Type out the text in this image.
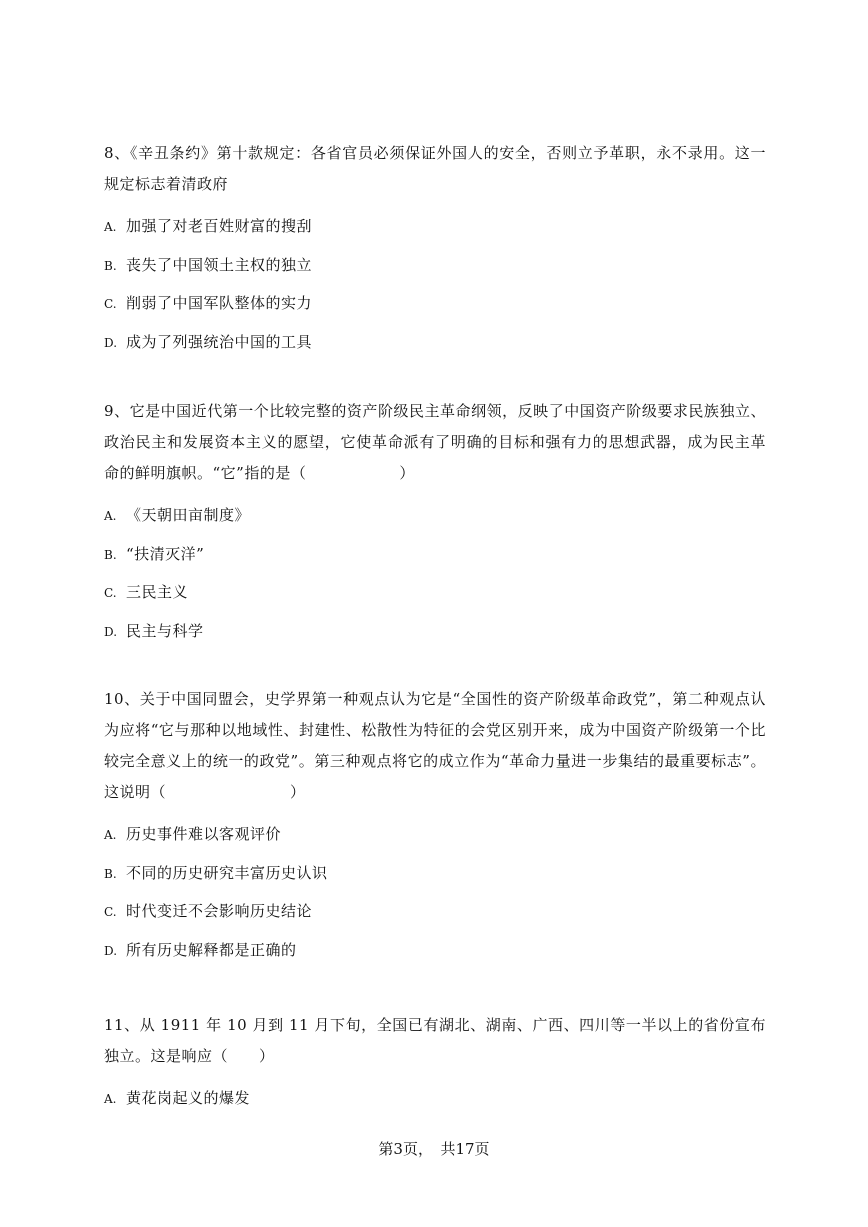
8、《辛丑条约》第十款规定：各省官员必须保证外国人的安全，否则立予革职，永不录用。这一规定标志着清政府

A. 加强了对老百姓财富的搜刮
B. 丧失了中国领土主权的独立
C. 削弱了中国军队整体的实力
D. 成为了列强统治中国的工具

9、它是中国近代第一个比较完整的资产阶级民主革命纲领，反映了中国资产阶级要求民族独立、政治民主和发展资本主义的愿望，它使革命派有了明确的目标和强有力的思想武器，成为民主革命的鲜明旗帜。“它”指的是（　　　　　　）

A. 《天朝田亩制度》
B. “扶清灭洋”
C. 三民主义
D. 民主与科学

10、关于中国同盟会，史学界第一种观点认为它是“全国性的资产阶级革命政党”，第二种观点认为应将“它与那种以地域性、封建性、松散性为特征的会党区别开来，成为中国资产阶级第一个比较完全意义上的统一的政党”。第三种观点将它的成立作为“革命力量进一步集结的最重要标志”。这说明（　　　　　　　　）

A. 历史事件难以客观评价
B. 不同的历史研究丰富历史认识
C. 时代变迁不会影响历史结论
D. 所有历史解释都是正确的

11、从 1911 年 10 月到 11 月下旬，全国已有湖北、湖南、广西、四川等一半以上的省份宣布独立。这是响应（　　）

A. 黄花岗起义的爆发
第3页，　共17页
